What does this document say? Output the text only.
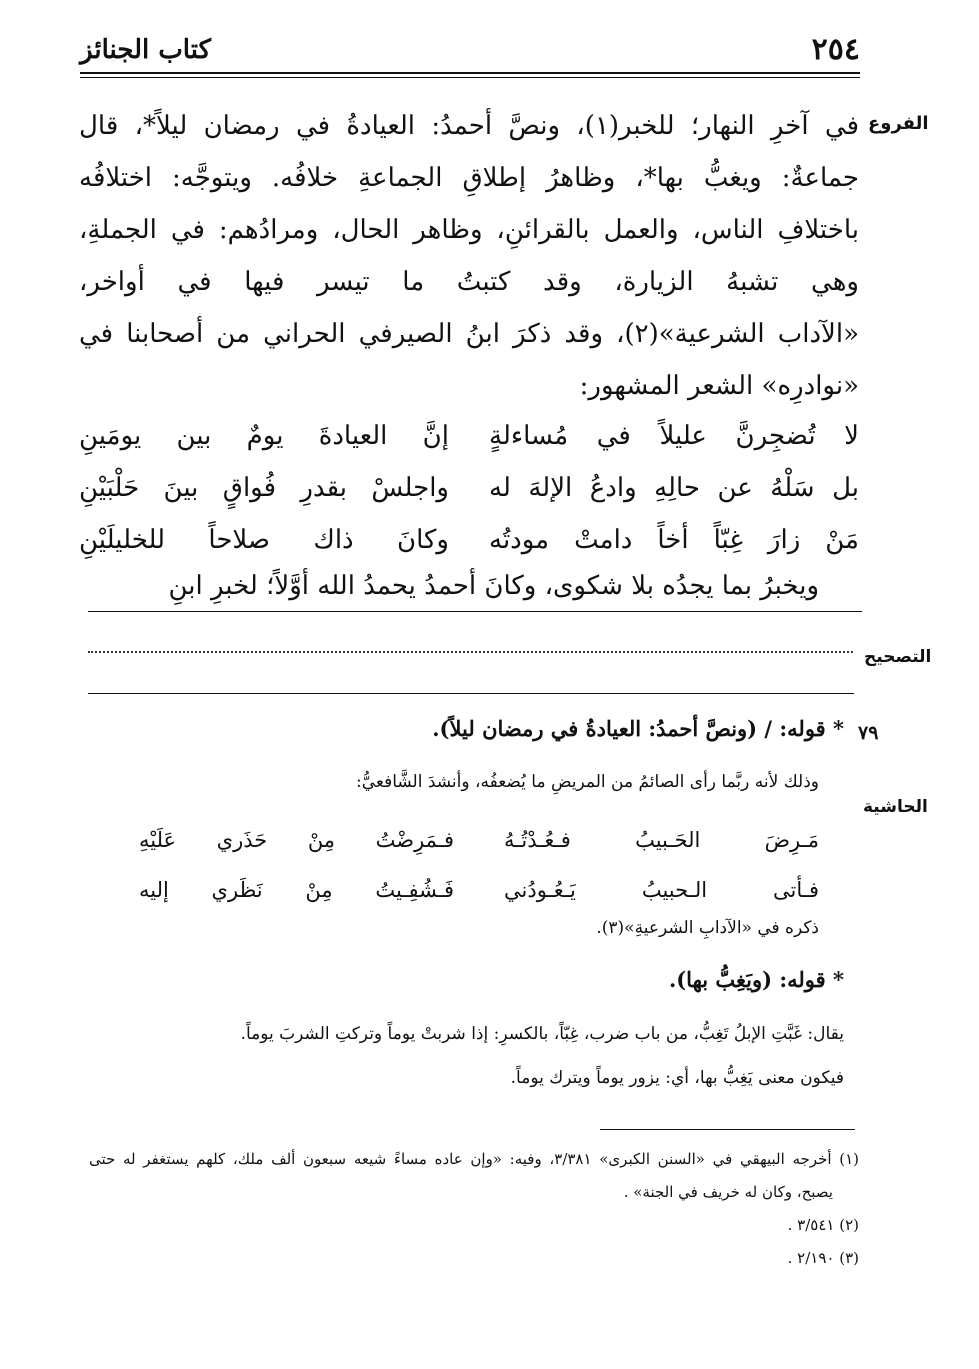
٢٥٤
كتاب الجنائز
الفروع
التصحيح
الحاشية
في آخرِ النهار؛ للخبر(١)، ونصَّ أحمدُ: العيادةُ في رمضان ليلاً*، قال
جماعةٌ: ويغبُّ بها*، وظاهرُ إطلاقِ الجماعةِ خلافُه. ويتوجَّه: اختلافُه
باختلافِ الناس، والعمل بالقرائنِ، وظاهر الحال، ومرادُهم: في الجملةِ،
وهي تشبهُ الزيارة، وقد كتبتُ ما تيسر فيها في أواخر،
«الآداب الشرعية»(٢)، وقد ذكرَ ابنُ الصيرفي الحراني من أصحابنا في
«نوادرِه» الشعر المشهور:
لا تُضجِرنَّ عليلاً في مُساءلةٍ
إنَّ العيادةَ يومٌ بين يومَينِ
بل سَلْهُ عن حالِهِ وادعُ الإلهَ له
واجلسْ بقدرِ فُواقٍ بينَ حَلْبَيْنِ
مَنْ زارَ غِبّاً أخاً دامتْ مودتُه
وكانَ ذاك صلاحاً للخليلَيْنِ
ويخبرُ بما يجدُه بلا شكوى، وكانَ أحمدُ يحمدُ الله أوَّلاً؛ لخبرِ ابنِ
٧٩
* قوله: / (ونصَّ أحمدُ: العيادةُ في رمضان ليلاً).
وذلك لأنه ربَّما رأى الصائمُ من المريضِ ما يُضعفُه، وأنشدَ الشَّافعيُّ:
مَـرِضَ الحَـبيبُ فـعُـدْتُـهُ
فـمَرِضْتُ مِنْ حَذَري عَلَيْهِ
فـأتى الـحبيبُ يَـعُـودُني
فَـشُفِـيتُ مِنْ نَظَري إليه
ذكره في «الآدابِ الشرعيةِ»(٣).
* قوله: (ويَغِبُّ بها).
يقال: غَبَّتِ الإبلُ تَغِبُّ، من باب ضرب، غِبّاً، بالكسرِ: إذا شربتْ يوماً وتركتِ الشربَ يوماً.
فيكون معنى يَغِبُّ بها، أي: يزور يوماً ويترك يوماً.
(١) أخرجه البيهقي في «السنن الكبرى» ٣/٣٨١، وفيه: «وإن عاده مساءً شيعه سبعون ألف ملك، كلهم يستغفر له حتى
يصبح، وكان له خريف في الجنة» .
(٢) ٣/٥٤١ .
(٣) ٢/١٩٠ .
